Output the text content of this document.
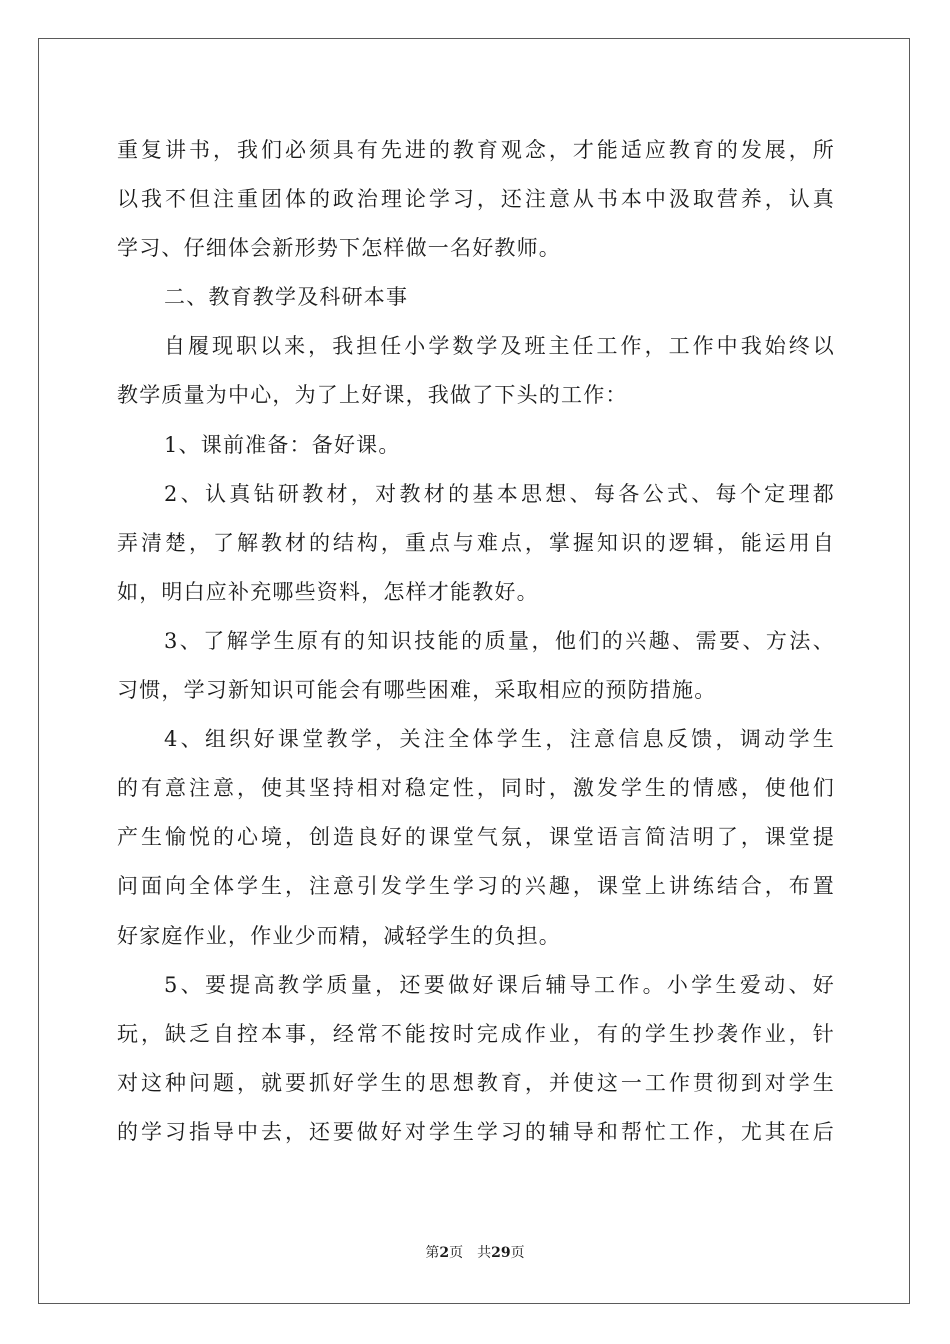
重复讲书，我们必须具有先进的教育观念，才能适应教育的发展，所
以我不但注重团体的政治理论学习，还注意从书本中汲取营养，认真
学习、仔细体会新形势下怎样做一名好教师。
二、教育教学及科研本事
自履现职以来，我担任小学数学及班主任工作，工作中我始终以
教学质量为中心，为了上好课，我做了下头的工作：
1、课前准备：备好课。
2、认真钻研教材，对教材的基本思想、每各公式、每个定理都
弄清楚，了解教材的结构，重点与难点，掌握知识的逻辑，能运用自
如，明白应补充哪些资料，怎样才能教好。
3、了解学生原有的知识技能的质量，他们的兴趣、需要、方法、
习惯，学习新知识可能会有哪些困难，采取相应的预防措施。
4、组织好课堂教学，关注全体学生，注意信息反馈，调动学生
的有意注意，使其坚持相对稳定性，同时，激发学生的情感，使他们
产生愉悦的心境，创造良好的课堂气氛，课堂语言简洁明了，课堂提
问面向全体学生，注意引发学生学习的兴趣，课堂上讲练结合，布置
好家庭作业，作业少而精，减轻学生的负担。
5、要提高教学质量，还要做好课后辅导工作。小学生爱动、好
玩，缺乏自控本事，经常不能按时完成作业，有的学生抄袭作业，针
对这种问题，就要抓好学生的思想教育，并使这一工作贯彻到对学生
的学习指导中去，还要做好对学生学习的辅导和帮忙工作，尤其在后
第2页 共29页
